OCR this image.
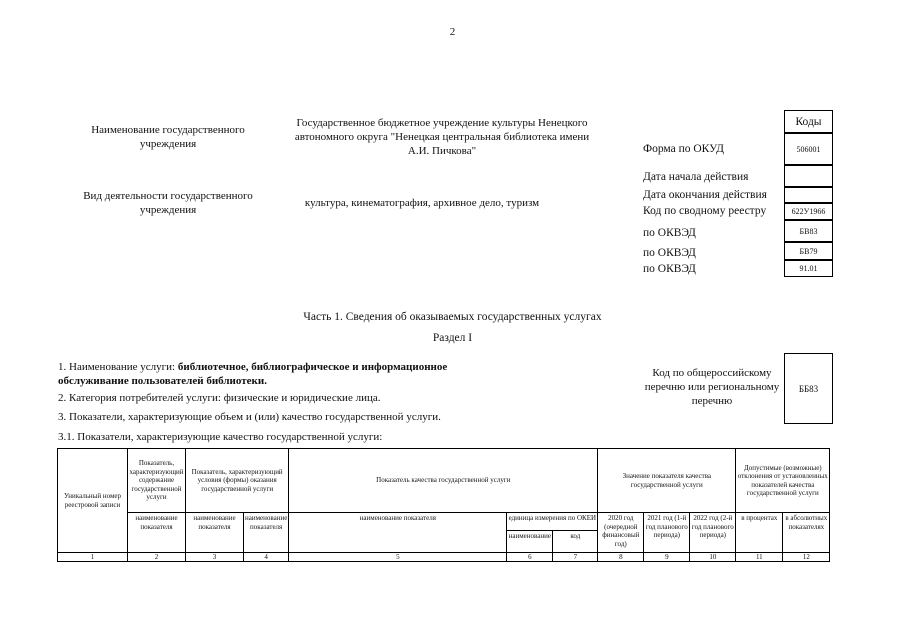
2
Наименование государственного учреждения
Государственное бюджетное учреждение культуры Ненецкого автономного округа "Ненецкая центральная библиотека имени А.И. Пичкова"
Вид деятельности государственного учреждения
культура, кинематография, архивное дело, туризм
Коды
Форма по ОКУД	506001
Дата начала действия
Дата окончания действия
Код по сводному реестру	622У1966
по ОКВЭД	БВ83
по ОКВЭД	БВ79
по ОКВЭД	91.01
Часть 1. Сведения об оказываемых государственных услугах
Раздел I
1. Наименование услуги: библиотечное, библиографическое и информационное
обслуживание пользователей библиотеки.
2. Категория потребителей услуги: физические и юридические лица.
3. Показатели, характеризующие объем и (или) качество государственной услуги.
3.1. Показатели, характеризующие качество государственной услуги:
Код по общероссийскому перечню или региональному перечню
ББ83
Уникальный номер реестровой записи	Показатель, характеризующий содержание государственной услуги	Показатель, характеризующий условия (формы) оказания государственной услуги		Показатель качества государственной услуги			Значение показателя качества государственной услуги			Допустимые (возможные) отклонения от установленных показателей качества государственной услуги	
	наименование показателя	наименование показателя	наименование показателя	наименование показателя	единица измерения по ОКЕИ		2020 год (очередной финансовый год)	2021 год (1-й год планового периода)	2022 год (2-й год планового периода)	в процентах	в абсолютных показателях
					наименование	код					
1	2	3	4	5	6	7	8	9	10	11	12
